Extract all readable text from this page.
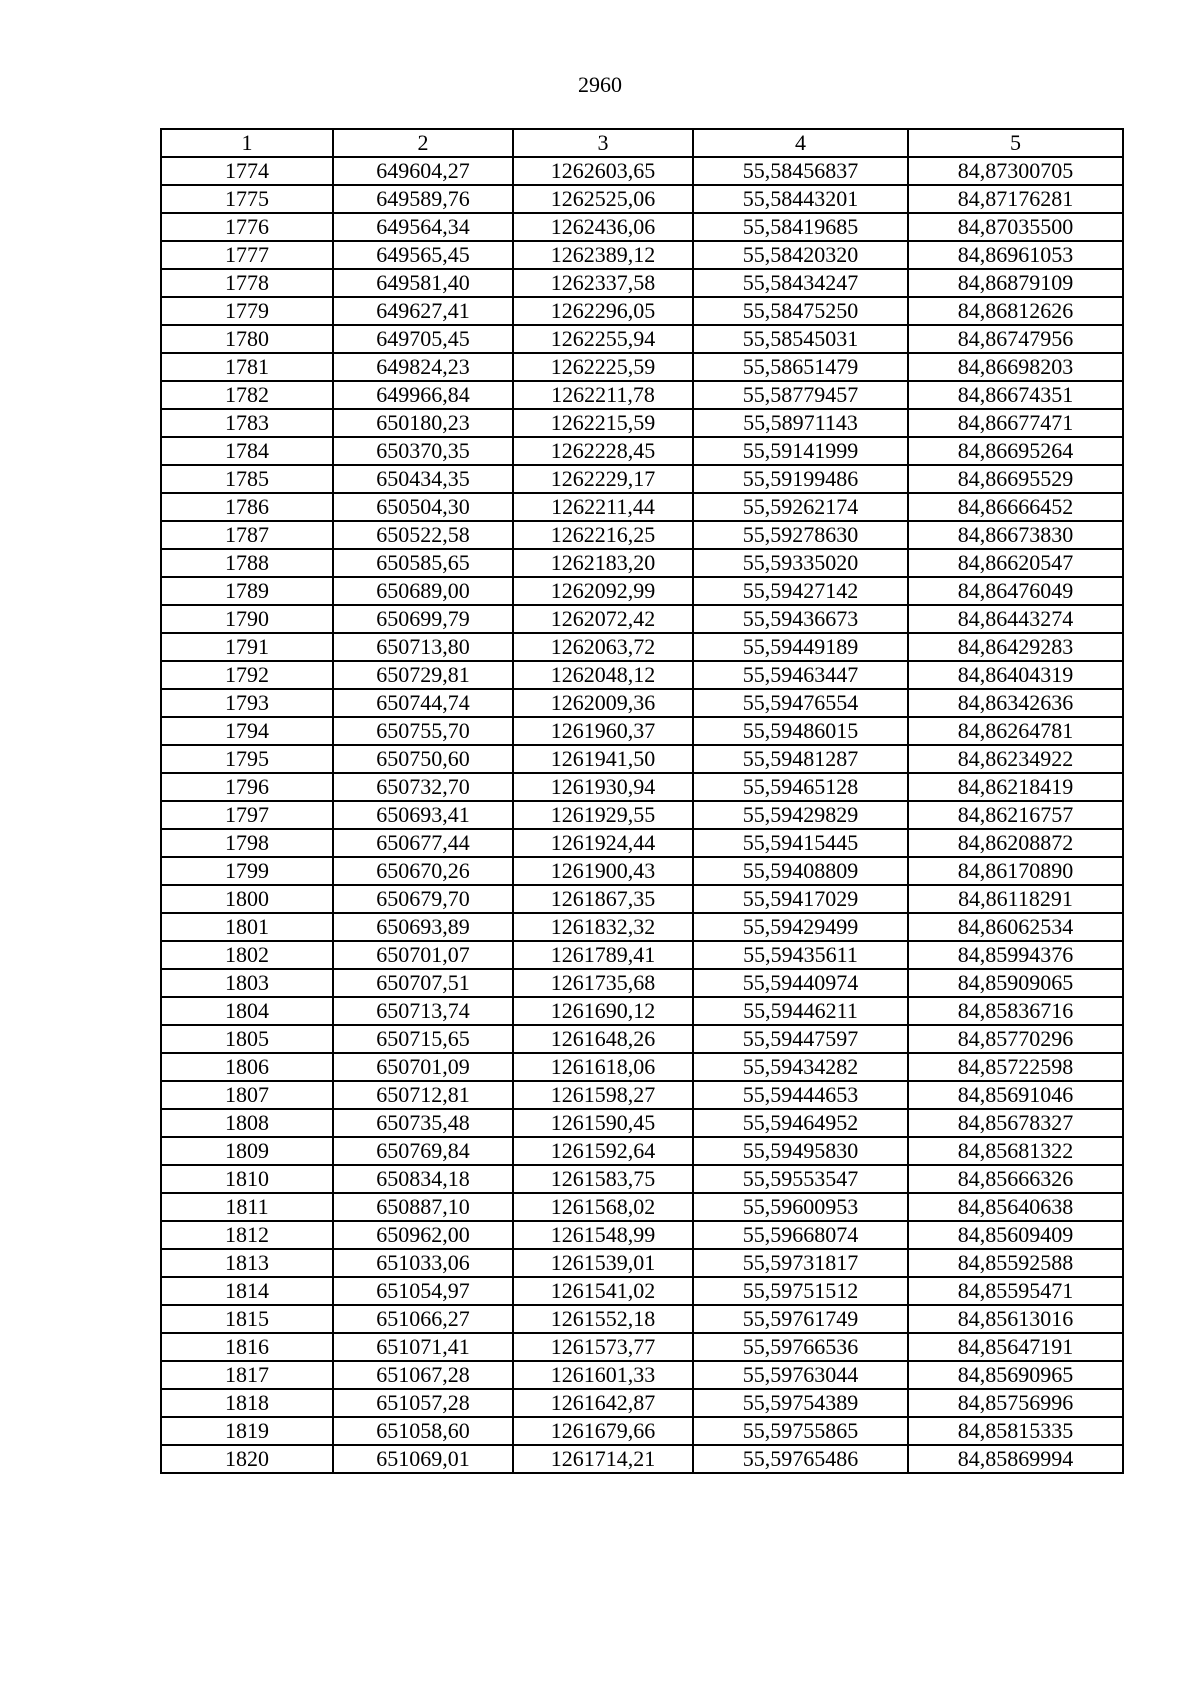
2960
1	2	3	4	5
1774	649604,27	1262603,65	55,58456837	84,87300705
1775	649589,76	1262525,06	55,58443201	84,87176281
1776	649564,34	1262436,06	55,58419685	84,87035500
1777	649565,45	1262389,12	55,58420320	84,86961053
1778	649581,40	1262337,58	55,58434247	84,86879109
1779	649627,41	1262296,05	55,58475250	84,86812626
1780	649705,45	1262255,94	55,58545031	84,86747956
1781	649824,23	1262225,59	55,58651479	84,86698203
1782	649966,84	1262211,78	55,58779457	84,86674351
1783	650180,23	1262215,59	55,58971143	84,86677471
1784	650370,35	1262228,45	55,59141999	84,86695264
1785	650434,35	1262229,17	55,59199486	84,86695529
1786	650504,30	1262211,44	55,59262174	84,86666452
1787	650522,58	1262216,25	55,59278630	84,86673830
1788	650585,65	1262183,20	55,59335020	84,86620547
1789	650689,00	1262092,99	55,59427142	84,86476049
1790	650699,79	1262072,42	55,59436673	84,86443274
1791	650713,80	1262063,72	55,59449189	84,86429283
1792	650729,81	1262048,12	55,59463447	84,86404319
1793	650744,74	1262009,36	55,59476554	84,86342636
1794	650755,70	1261960,37	55,59486015	84,86264781
1795	650750,60	1261941,50	55,59481287	84,86234922
1796	650732,70	1261930,94	55,59465128	84,86218419
1797	650693,41	1261929,55	55,59429829	84,86216757
1798	650677,44	1261924,44	55,59415445	84,86208872
1799	650670,26	1261900,43	55,59408809	84,86170890
1800	650679,70	1261867,35	55,59417029	84,86118291
1801	650693,89	1261832,32	55,59429499	84,86062534
1802	650701,07	1261789,41	55,59435611	84,85994376
1803	650707,51	1261735,68	55,59440974	84,85909065
1804	650713,74	1261690,12	55,59446211	84,85836716
1805	650715,65	1261648,26	55,59447597	84,85770296
1806	650701,09	1261618,06	55,59434282	84,85722598
1807	650712,81	1261598,27	55,59444653	84,85691046
1808	650735,48	1261590,45	55,59464952	84,85678327
1809	650769,84	1261592,64	55,59495830	84,85681322
1810	650834,18	1261583,75	55,59553547	84,85666326
1811	650887,10	1261568,02	55,59600953	84,85640638
1812	650962,00	1261548,99	55,59668074	84,85609409
1813	651033,06	1261539,01	55,59731817	84,85592588
1814	651054,97	1261541,02	55,59751512	84,85595471
1815	651066,27	1261552,18	55,59761749	84,85613016
1816	651071,41	1261573,77	55,59766536	84,85647191
1817	651067,28	1261601,33	55,59763044	84,85690965
1818	651057,28	1261642,87	55,59754389	84,85756996
1819	651058,60	1261679,66	55,59755865	84,85815335
1820	651069,01	1261714,21	55,59765486	84,85869994
